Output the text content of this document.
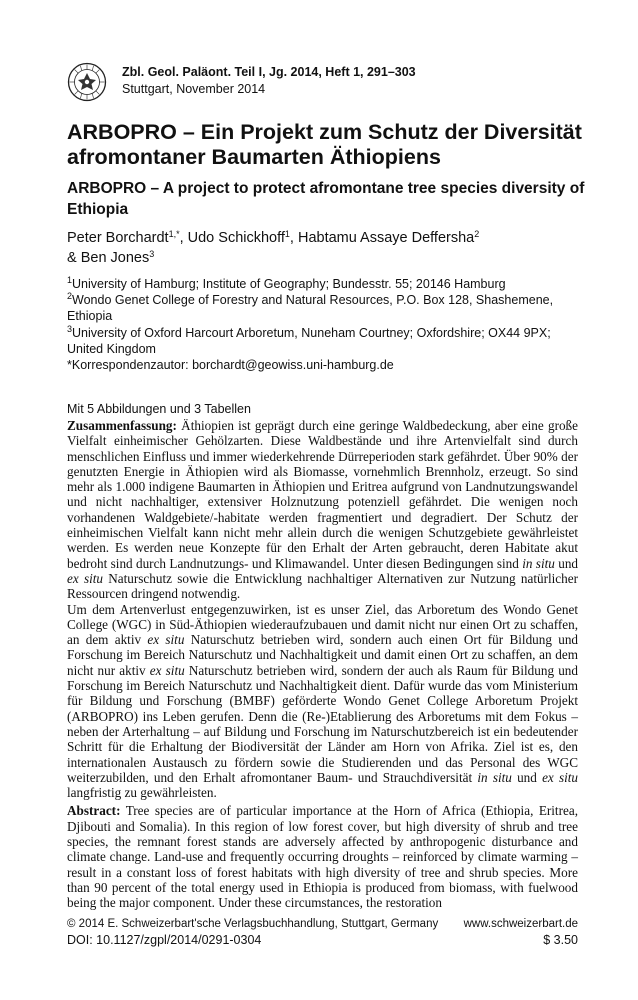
Zbl. Geol. Paläont. Teil I, Jg. 2014, Heft 1, 291–303
Stuttgart, November 2014
ARBOPRO – Ein Projekt zum Schutz der Diversität afromontaner Baumarten Äthiopiens
ARBOPRO – A project to protect afromontane tree species diversity of Ethiopia
Peter Borchardt$^{1,*}$, Udo Schickhoff$^1$, Habtamu Assaye Deffersha$^2$
& Ben Jones$^3$

$^1$University of Hamburg; Institute of Geography; Bundesstr. 55; 20146 Hamburg

$^2$Wondo Genet College of Forestry and Natural Resources, P.O. Box 128, Shashemene, Ethiopia

$^3$University of Oxford Harcourt Arboretum, Nuneham Courtney; Oxfordshire; OX44 9PX; United Kingdom

*Korrespondenzautor: borchardt@geowiss.uni-hamburg.de

Mit 5 Abbildungen und 3 Tabellen

Zusammenfassung: Äthiopien ist geprägt durch eine geringe Waldbedeckung, aber eine große Vielfalt einheimischer Gehölzarten. Diese Waldbestände und ihre Artenvielfalt sind durch menschlichen Einfluss und immer wiederkehrende Dürreperioden stark gefährdet. Über 90% der genutzten Energie in Äthiopien wird als Biomasse, vornehmlich Brennholz, erzeugt. So sind mehr als 1.000 indigene Baumarten in Äthiopien und Eritrea aufgrund von Landnutzungswandel und nicht nachhaltiger, extensiver Holznutzung potenziell gefährdet. Die wenigen noch vorhandenen Waldgebiete/-habitate werden fragmentiert und degradiert. Der Schutz der einheimischen Vielfalt kann nicht mehr allein durch die wenigen Schutzgebiete gewährleistet werden. Es werden neue Konzepte für den Erhalt der Arten gebraucht, deren Habitate akut bedroht sind durch Landnutzungs- und Klimawandel. Unter diesen Bedingungen sind in situ und ex situ Naturschutz sowie die Entwicklung nachhaltiger Alternativen zur Nutzung natürlicher Ressourcen dringend notwendig.

Um dem Artenverlust entgegenzuwirken, ist es unser Ziel, das Arboretum des Wondo Genet College (WGC) in Süd-Äthiopien wiederaufzubauen und damit nicht nur einen Ort zu schaffen, an dem aktiv ex situ Naturschutz betrieben wird, sondern auch einen Ort für Bildung und Forschung im Bereich Naturschutz und Nachhaltigkeit und damit einen Ort zu schaffen, an dem nicht nur aktiv ex situ Naturschutz betrieben wird, sondern der auch als Raum für Bildung und Forschung im Bereich Naturschutz und Nachhaltigkeit dient. Dafür wurde das vom Ministerium für Bildung und Forschung (BMBF) geförderte Wondo Genet College Arboretum Projekt (ARBOPRO) ins Leben gerufen. Denn die (Re-)Etablierung des Arboretums mit dem Fokus – neben der Arterhaltung – auf Bildung und Forschung im Naturschutzbereich ist ein bedeutender Schritt für die Erhaltung der Biodiversität der Länder am Horn von Afrika. Ziel ist es, den internationalen Austausch zu fördern sowie die Studierenden und das Personal des WGC weiterzubilden, und den Erhalt afromontaner Baum- und Strauchdiversität in situ und ex situ langfristig zu gewährleisten.

Abstract: Tree species are of particular importance at the Horn of Africa (Ethiopia, Eritrea, Djibouti and Somalia). In this region of low forest cover, but high diversity of shrub and tree species, the remnant forest stands are adversely affected by anthropogenic disturbance and climate change. Land-use and frequently occurring droughts – reinforced by climate warming – result in a constant loss of forest habitats with high diversity of tree and shrub species. More than 90 percent of the total energy used in Ethiopia is produced from biomass, with fuelwood being the major component. Under these circumstances, the restoration

© 2014 E. Schweizerbart'sche Verlagsbuchhandlung, Stuttgart, Germany www.schweizerbart.de
DOI: 10.1127/zgpl/2014/0291-0304	$ 3.50
